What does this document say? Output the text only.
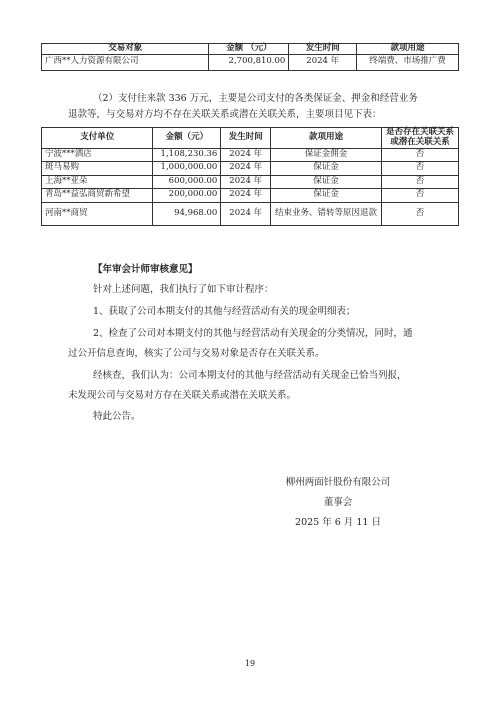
交易对象	金额 （元）	发生时间	款项用途
广西**人力资源有限公司	2,700,810.00	2024 年	终端费、市场推广费

（2）支付往来款 336 万元，主要是公司支付的各类保证金、押金和经营业务

退款等，与交易对方均不存在关联关系或潜在关联关系，主要项目见下表：

支付单位	金额（元）	发生时间	款项用途	是否存在关联关系
或潜在关联关系

宁波***酒店	1,108,230.36	2024 年	保证金佣金	否
斑马易购	1,000,000.00	2024 年	保证金	否
上海**亚朵	600,000.00	2024 年	保证金	否
青岛**益弘商贸新希望	200,000.00	2024 年	保证金	否
河南**商贸	94,968.00	2024 年	结束业务、错转等原因退款	否

【年审会计师审核意见】

针对上述问题，我们执行了如下审计程序：

1、获取了公司本期支付的其他与经营活动有关的现金明细表；

2、检查了公司对本期支付的其他与经营活动有关现金的分类情况，同时，通

过公开信息查询，核实了公司与交易对象是否存在关联关系。

经核查，我们认为：公司本期支付的其他与经营活动有关现金已恰当列报，

未发现公司与交易对方存在关联关系或潜在关联关系。

特此公告。

柳州两面针股份有限公司
董事会
2025 年 6 月 11 日
19
